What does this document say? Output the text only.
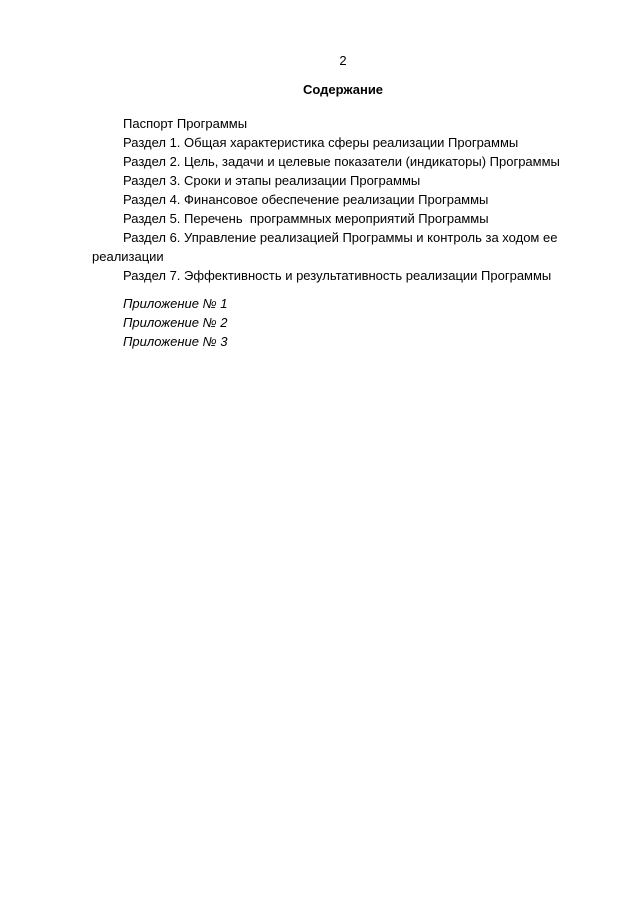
2
Содержание

Паспорт Программы

Раздел 1. Общая характеристика сферы реализации Программы

Раздел 2. Цель, задачи и целевые показатели (индикаторы) Программы

Раздел 3. Сроки и этапы реализации Программы

Раздел 4. Финансовое обеспечение реализации Программы

Раздел 5. Перечень  программных мероприятий Программы

Раздел 6. Управление реализацией Программы и контроль за ходом ее реализации

Раздел 7. Эффективность и результативность реализации Программы

Приложение № 1

Приложение № 2

Приложение № 3
